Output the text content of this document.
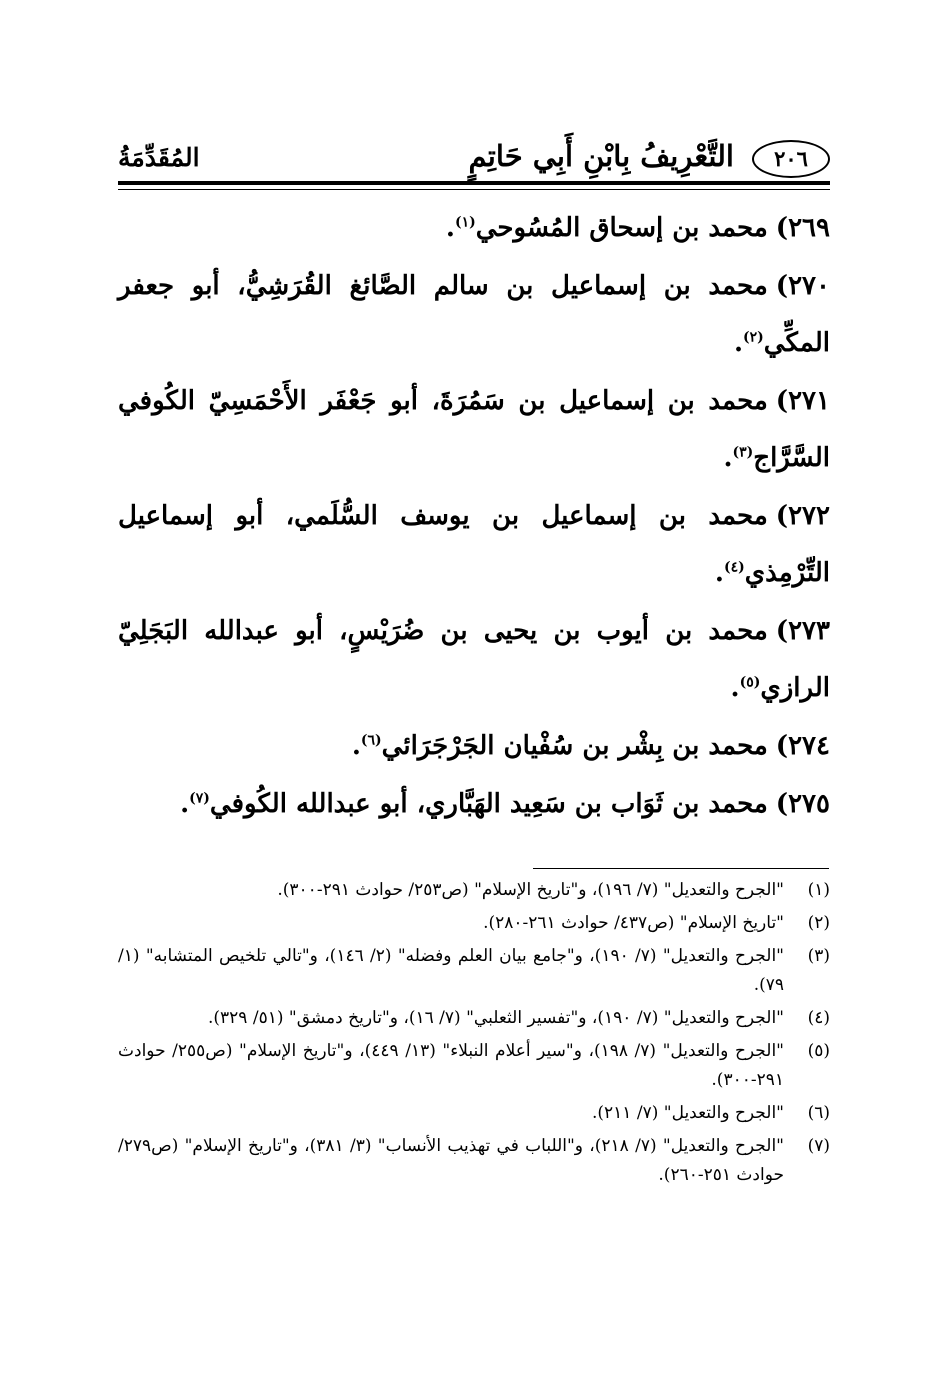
٢٠٦
التَّعْرِيفُ بِابْنِ أَبِي حَاتِمٍ
المُقَدِّمَةُ
٢٦٩)محمد بن إسحاق المُسُوحي$^{(١)}$.
٢٧٠)محمد بن إسماعيل بن سالم الصَّائغ القُرَشِيُّ، أبو جعفر المكِّي$^{(٢)}$.
٢٧١)محمد بن إسماعيل بن سَمُرَةَ، أبو جَعْفَر الأَحْمَسِيّ الكُوفي السَّرَّاج$^{(٣)}$.
٢٧٢)محمد بن إسماعيل بن يوسف السُّلَمي، أبو إسماعيل التِّرْمِذي$^{(٤)}$.
٢٧٣)محمد بن أيوب بن يحيى بن ضُرَيْسٍ، أبو عبدالله البَجَلِيّ الرازي$^{(٥)}$.
٢٧٤)محمد بن بِشْر بن سُفْيان الجَرْجَرَائي$^{(٦)}$.
٢٧٥)محمد بن ثَوَاب بن سَعِيد الهَبَّاري، أبو عبدالله الكُوفي$^{(٧)}$.
(١)
"الجرح والتعديل" (٧/ ١٩٦)، و"تاريخ الإسلام" (ص٢٥٣/ حوادث ٢٩١-٣٠٠).
(٢)
"تاريخ الإسلام" (ص٤٣٧/ حوادث ٢٦١-٢٨٠).
(٣)
"الجرح والتعديل" (٧/ ١٩٠)، و"جامع بيان العلم وفضله" (٢/ ١٤٦)، و"تالي تلخيص المتشابه" (١/ ٧٩).
(٤)
"الجرح والتعديل" (٧/ ١٩٠)، و"تفسير الثعلبي" (٧/ ١٦)، و"تاريخ دمشق" (٥١/ ٣٢٩).
(٥)
"الجرح والتعديل" (٧/ ١٩٨)، و"سير أعلام النبلاء" (١٣/ ٤٤٩)، و"تاريخ الإسلام" (ص٢٥٥/ حوادث ٢٩١-٣٠٠).
(٦)
"الجرح والتعديل" (٧/ ٢١١).
(٧)
"الجرح والتعديل" (٧/ ٢١٨)، و"اللباب في تهذيب الأنساب" (٣/ ٣٨١)، و"تاريخ الإسلام" (ص٢٧٩/ حوادث ٢٥١-٢٦٠).
